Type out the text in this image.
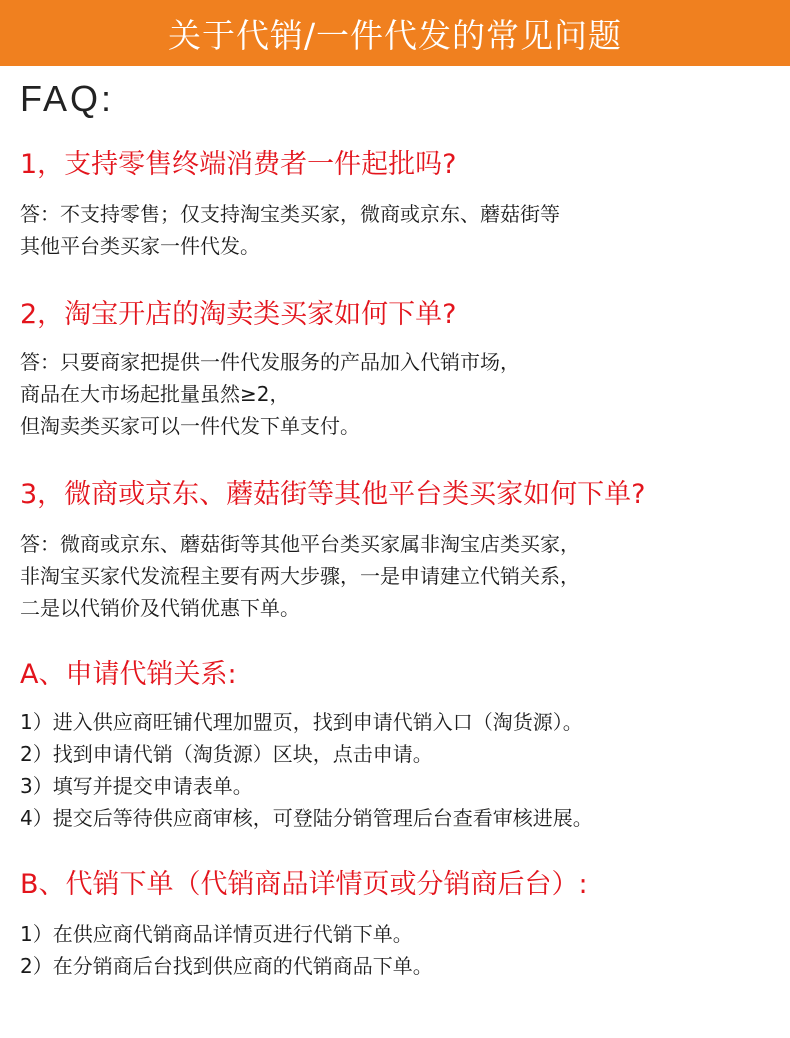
关于代销/一件代发的常见问题
FAQ:
1，支持零售终端消费者一件起批吗?
答：不支持零售；仅支持淘宝类买家，微商或京东、蘑菇街等
其他平台类买家一件代发。
2，淘宝开店的淘卖类买家如何下单?
答：只要商家把提供一件代发服务的产品加入代销市场，
商品在大市场起批量虽然≥2，
但淘卖类买家可以一件代发下单支付。
3，微商或京东、蘑菇街等其他平台类买家如何下单?
答：微商或京东、蘑菇街等其他平台类买家属非淘宝店类买家，
非淘宝买家代发流程主要有两大步骤，一是申请建立代销关系，
二是以代销价及代销优惠下单。
A、申请代销关系:
1）进入供应商旺铺代理加盟页，找到申请代销入口（淘货源）。
2）找到申请代销（淘货源）区块，点击申请。
3）填写并提交申请表单。
4）提交后等待供应商审核，可登陆分销管理后台查看审核进展。
B、代销下单（代销商品详情页或分销商后台）:
1）在供应商代销商品详情页进行代销下单。
2）在分销商后台找到供应商的代销商品下单。
